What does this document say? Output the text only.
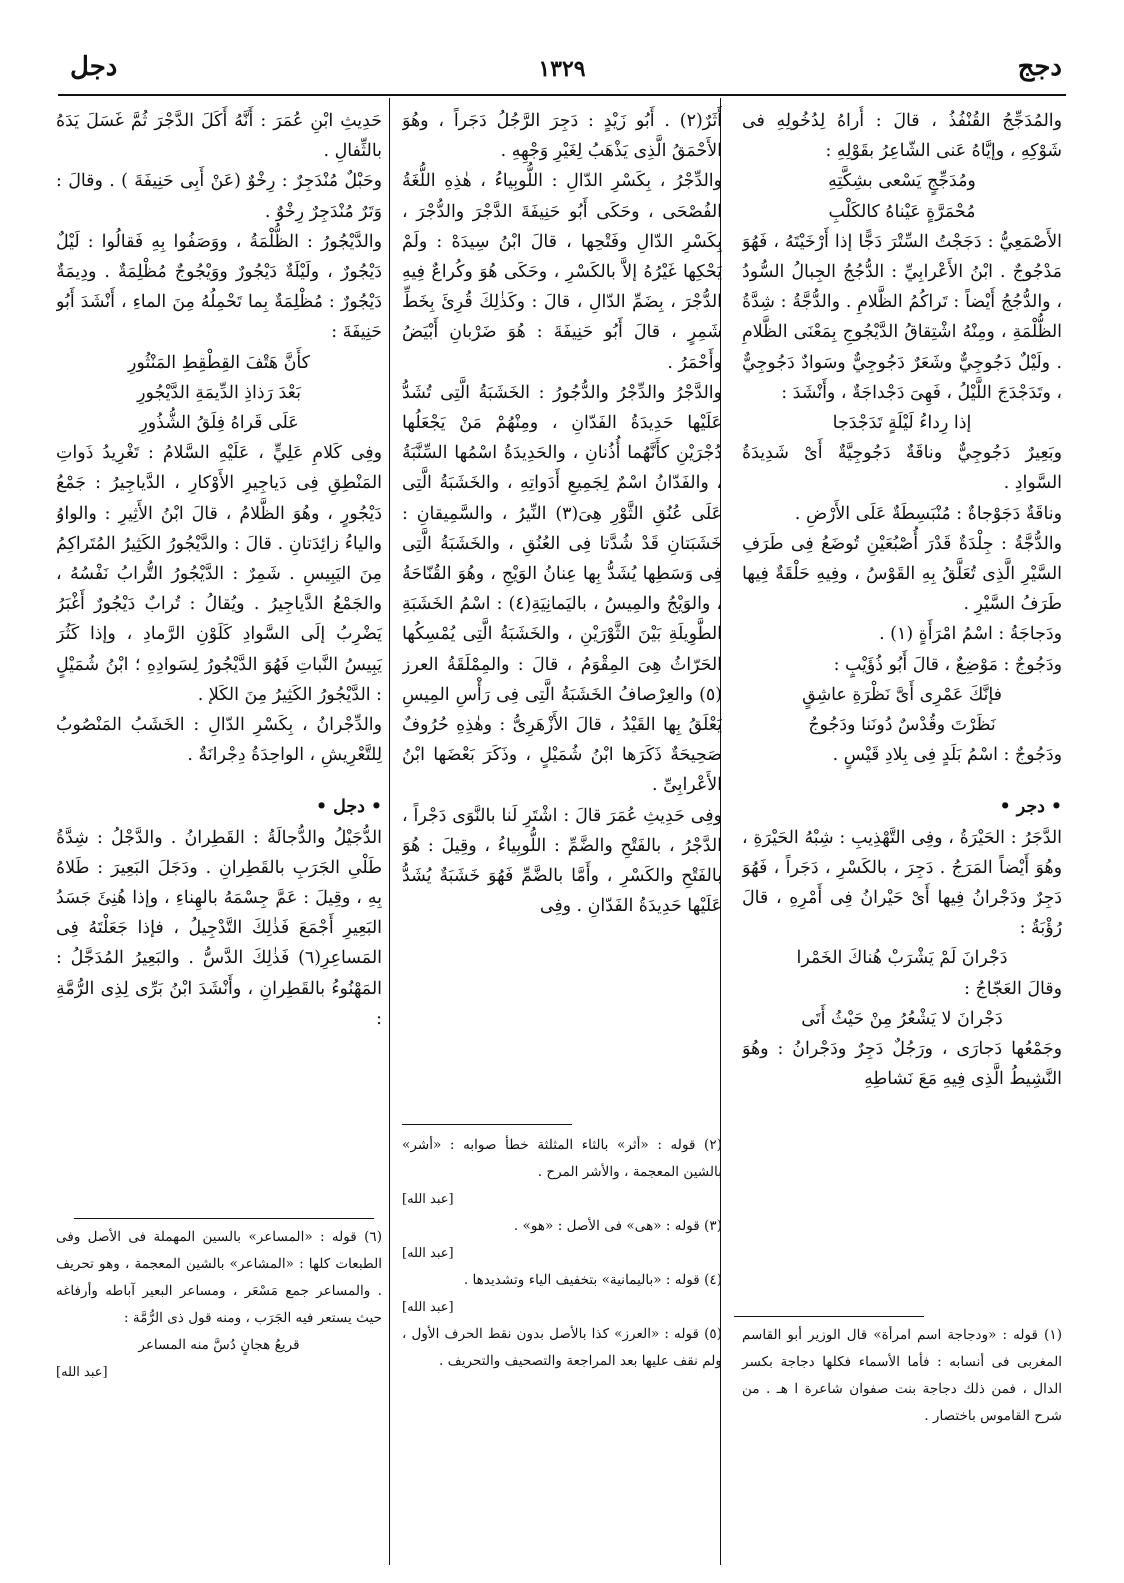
دجج
١٣٢٩
دجل

والمُدَجِّجُ القُنْفُذُ ، قالَ : أُراهُ لِدُخُولِهِ فى شَوْكِهِ ، وإيَّاهُ عَنى الشّاعِرُ بقَوْلِهِ :

ومُدَجِّجٍ يَسْعى بشِكَّتِهِ

مُحْمَرَّةٍ عَيْناهُ كالكَلْبِ

الأَصْمَعِيُّ : دَجَجْتُ السِّتْرَ دَجًّا إذا أَرْخَيْتَهُ ، فَهُوَ مَدْجُوجٌ . ابْنُ الأَعْرابِيِّ : الدُّجُجُ الجِبالُ السُّودُ ، والدُّجُجُ أَيْضاً : تَراكُمُ الظَّلامِ . والدُّجَّةُ : شِدَّةُ الظُّلْمَةِ ، ومِنْهُ اشْتِقاقُ الدَّيْجُوجِ بِمَعْنَى الظَّلامِ . ولَيْلٌ دَجُوجِيٌّ وشَعَرٌ دَجُوجِيٌّ وسَوادٌ دَجُوجِيٌّ ، وتَدَجْدَجَ اللَّيْلُ ، فَهِىَ دَجْداجَةٌ ، وأَنْشَدَ :

إذا رِداءُ لَيْلَةٍ تَدَجْدَجا

وبَعِيرٌ دَجُوجِيٌّ وناقَةٌ دَجُوجِيَّةٌ أَىْ شَدِيدَةُ السَّوادِ .

وناقَةٌ دَجَوْجاةٌ : مُنْبَسِطَةٌ عَلَى الأَرْضِ .

والدُّجَّةُ : جِلْدَةٌ قَدْرَ أُصْبُعَيْنِ تُوضَعُ فِى طَرَفِ السَّيْرِ الَّذِى تُعَلَّقُ بِهِ القَوْسُ ، وفِيهِ حَلْقَةٌ فِيها طَرَفُ السَّيْرِ .

ودَجاجَةُ : اسْمُ امْرَأَةٍ (١) .

ودَجُوجٌ : مَوْضِعٌ ، قالَ أَبُو ذُؤَيْبٍ :

فإنَّكَ عَمْرِى أَىَّ نَظْرَةِ عاشِقٍ

نَظَرْتَ وقُدْسٌ دُونَنا ودَجُوجُ

ودَجُوجٌ : اسْمُ بَلَدٍ فِى بِلادِ قَيْسٍ .

• دجر •

الدَّجَرُ : الحَيْرَةُ ، وفِى التَّهْذِيبِ : شِبْهُ الحَيْرَةِ ، وهُوَ أَيْضاً المَرَجُ . دَجِرَ ، بالكَسْرِ ، دَجَراً ، فَهُوَ دَجِرٌ ودَجْرانُ فِيها أَىْ حَيْرانُ فِى أَمْرِهِ ، قالَ رُؤْبَةُ :

دَجْرانَ لَمْ يَشْرَبْ هُناكَ الخَمْرا

وقالَ العَجّاجُ :

دَجْرانَ لا يَشْعُرُ مِنْ حَيْثُ أَتَى

وجَمْعُها دَجارَى ، ورَجُلٌ دَجِرٌ ودَجْرانُ : وهُوَ النَّشِيطُ الَّذِى فِيهِ مَعَ نَشاطِهِ

أَثَرٌ(٢) . أَبُو زَيْدٍ : دَجِرَ الرَّجُلُ دَجَراً ، وهُوَ الأَحْمَقُ الَّذِى يَذْهَبُ لِغَيْرِ وَجْهِهِ .

والدِّجْرُ ، بِكَسْرِ الدّالِ : اللُّوبِياءُ ، هٰذِهِ اللُّغَةُ الفُصْحَى ، وحَكَى أَبُو حَنِيفَةَ الدَّجْرَ والدُّجْرَ ، بِكَسْرِ الدّالِ وفَتْحِها ، قالَ ابْنُ سِيدَهْ : ولَمْ يَحْكِها غَيْرُهُ إلاَّ بالكَسْرِ ، وحَكَى هُوَ وكُراعٌ فِيهِ الدُّجْرَ ، بِضَمِّ الدّالِ ، قالَ : وكَذٰلِكَ قُرِئَ بِخَطِّ شَمِرٍ ، قالَ أَبُو حَنِيفَةَ : هُوَ ضَرْبانِ أَبْيَضُ وأَحْمَرُ .

والدَّجْرُ والدِّجْرُ والدُّجُورُ : الخَشَبَةُ الَّتِى تُشَدُّ عَلَيْها حَدِيدَةُ الفَدّانِ ، ومِنْهُمْ مَنْ يَجْعَلُها دُجْرَيْنِ كأَنَّهُما أُذُنانِ ، والحَدِيدَةُ اسْمُها السِّنَّبَةُ ، والفَدّانُ اسْمٌ لِجَمِيعِ أَدَواتِهِ ، والخَشَبَةُ الَّتِى عَلَى عُنُقِ الثَّوْرِ هِىَ(٣) النِّيرُ ، والسَّمِيقانِ : خَشَبَتانِ قَدْ شُدَّتا فِى العُنُقِ ، والخَشَبَةُ الَّتِى فِى وَسَطِها يُشَدُّ بِها عِنانُ الوَيْجِ ، وهُوَ القُنّاحَةُ ، والوَيْجُ والمِيسُ ، باليَمانِيَةِ(٤) : اسْمُ الخَشَبَةِ الطَّوِيلَةِ بَيْنَ الثَّوْرَيْنِ ، والخَشَبَةُ الَّتِى يُمْسِكُها الحَرّاثُ هِىَ المِقْوَمُ ، قالَ : والمِمْلَقَةُ العرز (٥) والعِرْصافُ الخَشَبَةُ الَّتِى فِى رَأْسِ المِيسِ يَعْلَقُ بِها القَيْدُ ، قالَ الأَزْهَرِىُّ : وهٰذِهِ حُرُوفٌ صَحِيحَةٌ ذَكَرَها ابْنُ شُمَيْلٍ ، وذَكَرَ بَعْضَها ابْنُ الأَعْرابِىِّ .

وفِى حَدِيثِ عُمَرَ قالَ : اشْتَرِ لَنا بالنَّوَى دَجْراً ، الدَّجْرُ ، بالفَتْحِ والضَّمِّ : اللُّوبِياءُ ، وقِيلَ : هُوَ بالفَتْحِ والكَسْرِ ، وأَمَّا بالضَّمِّ فَهُوَ خَشَبَةٌ يُشَدُّ عَلَيْها حَدِيدَةُ الفَدّانِ . وفِى

حَدِيثِ ابْنِ عُمَرَ : أَنَّهُ أَكَلَ الدَّجْرَ ثُمَّ غَسَلَ يَدَهُ بالثِّفالِ .

وحَبْلٌ مُنْدَجِرٌ : رِخْوٌ (عَنْ أَبِى حَنِيفَةَ ) . وقالَ : وَتَرٌ مُنْدَجِرٌ رِخْوٌ .

والدَّيْجُورُ : الظُّلْمَةُ ، ووَصَفُوا بِهِ فَقالُوا : لَيْلٌ دَيْجُورٌ ، ولَيْلَةٌ دَيْجُورٌ ووَيْجُوجٌ مُظْلِمَةٌ . ودِيمَةٌ دَيْجُورٌ : مُظْلِمَةٌ بِما تَحْمِلُهُ مِنَ الماءِ ، أَنْشَدَ أَبُو حَنِيفَةَ :

كأَنَّ هَتْفَ القِطْقِطِ المَنْثُورِ

بَعْدَ رَذاذِ الدِّيمَةِ الدَّيْجُورِ

عَلَى قَراهُ فِلَقُ الشُّذُورِ

وفِى كَلامِ عَلِيٍّ ، عَلَيْهِ السَّلامُ : تَغْرِيدُ ذَواتِ المَنْطِقِ فِى دَياجِيرِ الأَوْكارِ ، الدَّياجِيرُ : جَمْعُ دَيْجُورٍ ، وهُوَ الظَّلامُ ، قالَ ابْنُ الأَثِيرِ : والواوُ والياءُ زائِدَتانِ . قالَ : والدَّيْجُورُ الكَثِيرُ المُتَراكِمُ مِنَ اليَبِيسِ . شَمِرٌ : الدَّيْجُورُ التُّرابُ نَفْسُهُ ، والجَمْعُ الدَّياجِيرُ . ويُقالُ : تُرابٌ دَيْجُورٌ أَغْبَرُ يَضْرِبُ إلَى السَّوادِ كَلَوْنِ الرَّمادِ ، وإذا كَثُرَ يَبِيسُ النَّباتِ فَهُوَ الدَّيْجُورُ لِسَوادِهِ ؛ ابْنُ شُمَيْلٍ : الدَّيْجُورُ الكَثِيرُ مِنَ الكَلإ .

والدِّجْرانُ ، بِكَسْرِ الدّالِ : الخَشَبُ المَنْصُوبُ لِلتَّعْرِيشِ ، الواحِدَةُ دِجْرانَةٌ .

• دجل •

الدُّجَيْلُ والدُّجالَةُ : القَطِرانُ . والدَّجْلُ : شِدَّةُ طَلْىِ الجَرَبِ بالقَطِرانِ . ودَجَلَ البَعِيرَ : طَلاهُ بِهِ ، وقِيلَ : عَمَّ جِسْمَهُ بالهِناءِ ، وإذا هُنِئَ جَسَدُ البَعِيرِ أَجْمَعَ فَذٰلِكَ التَّدْجِيلُ ، فإذا جَعَلْتَهُ فِى المَساعِرِ(٦) فَذٰلِكَ الدَّسُّ . والبَعِيرُ المُدَجَّلُ : المَهْنُوءُ بالقَطِرانِ ، وأَنْشَدَ ابْنُ بَرِّى لِذِى الرُّمَّةِ :

(١) قوله : «ودجاجة اسم امرأة» قال الوزير أبو القاسم المغربى فى أنسابه : فأما الأسماء فكلها دجاجة بكسر الدال ، فمن ذلك دجاجة بنت صفوان شاعرة ا هـ . من شرح القاموس باختصار .

(٢) قوله : «أثر» بالثاء المثلثة خطأ صوابه : «أشر» بالشين المعجمة ، والأشر المرح .

[عبد الله]

(٣) قوله : «هى» فى الأصل : «هو» .

[عبد الله]

(٤) قوله : «باليمانية» بتخفيف الياء وتشديدها .

[عبد الله]

(٥) قوله : «العرز» كذا بالأصل بدون نقط الحرف الأول ، ولم نقف عليها بعد المراجعة والتصحيف والتحريف .

(٦) قوله : «المساعر» بالسين المهملة فى الأصل وفى الطبعات كلها : «المشاعر» بالشين المعجمة ، وهو تحريف . والمساعر جمع مَسْعَر ، ومساعر البعير آباطه وأرفاغه حيث يستعر فيه الجَرَب ، ومنه قول ذى الرُّمَّة :

قريعُ هجانٍ دُسَّ منه المساعر

[عبد الله]
